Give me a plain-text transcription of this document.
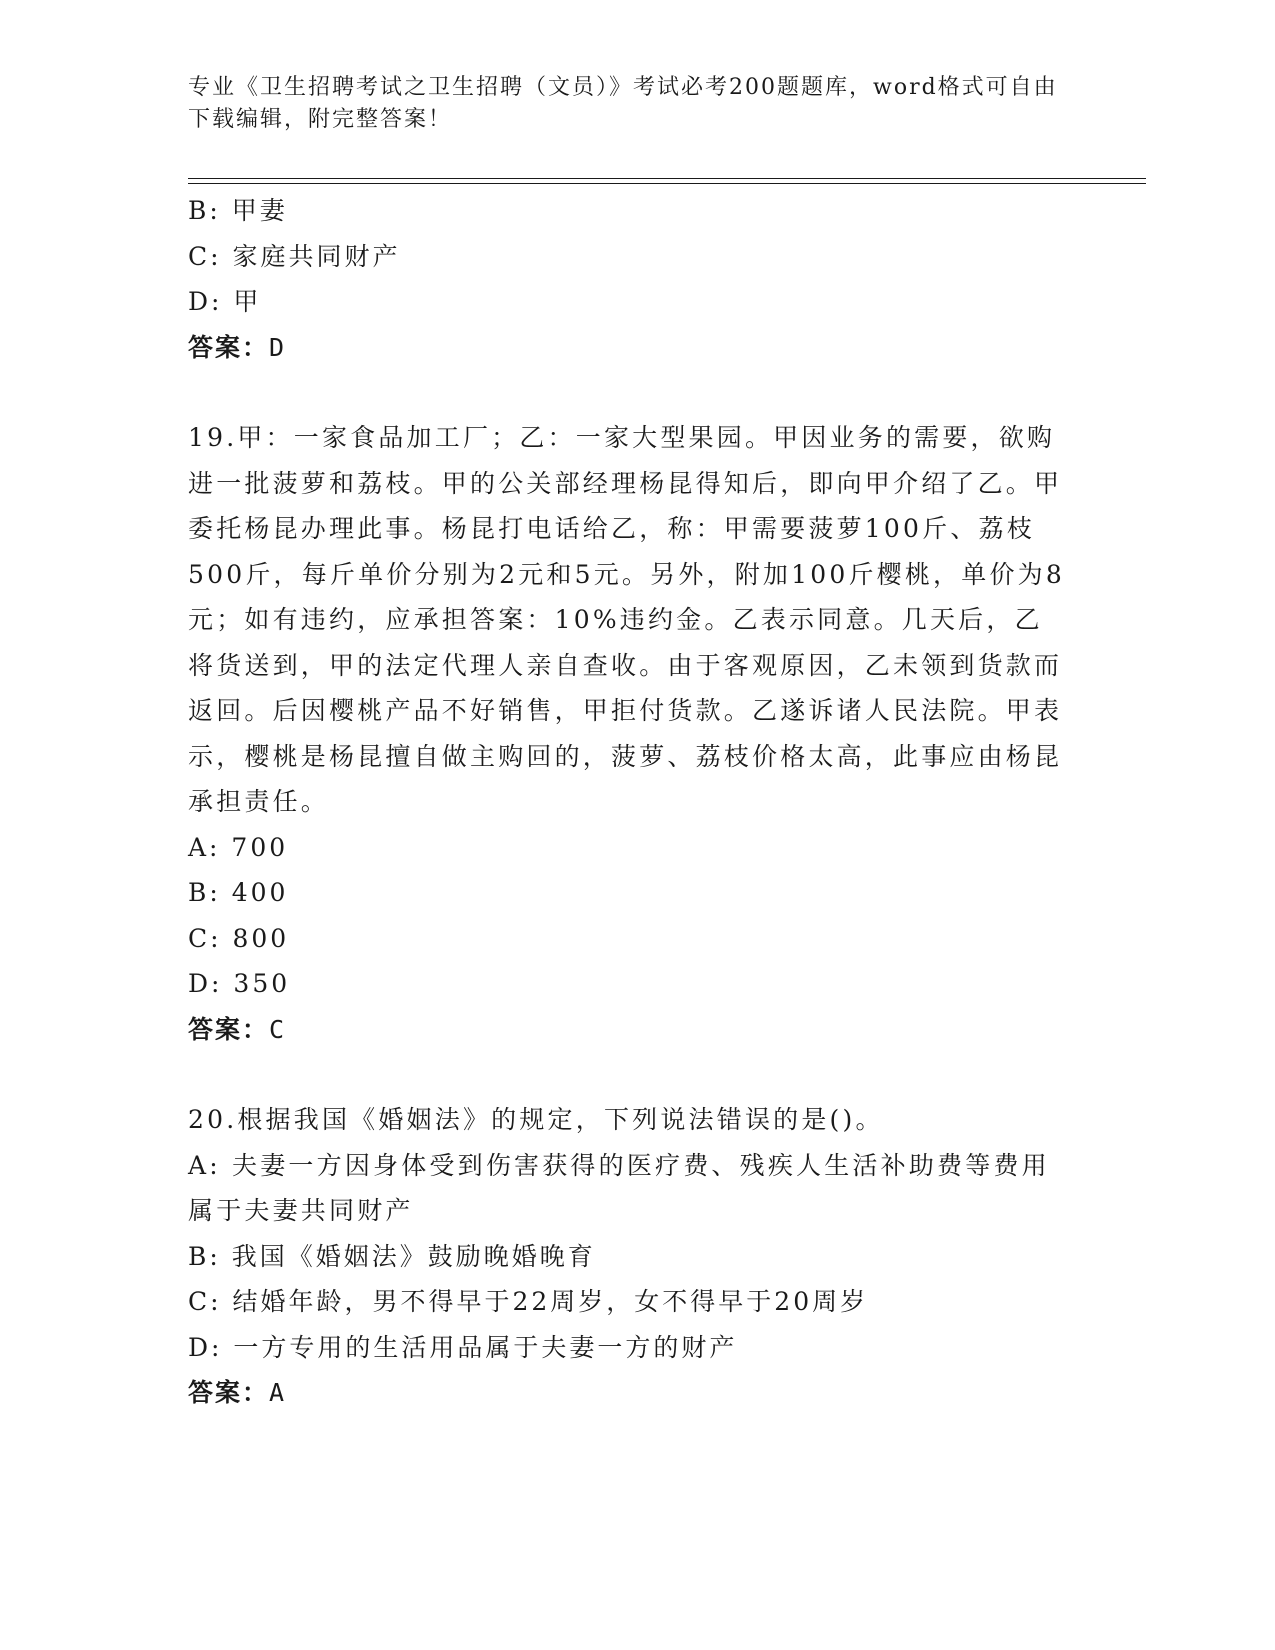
专业《卫生招聘考试之卫生招聘（文员）》考试必考200题题库，word格式可自由下载编辑，附完整答案！

B: 甲妻

C: 家庭共同财产

D: 甲

答案：D

19.甲：一家食品加工厂；乙：一家大型果园。甲因业务的需要，欲购进一批菠萝和荔枝。甲的公关部经理杨昆得知后，即向甲介绍了乙。甲委托杨昆办理此事。杨昆打电话给乙，称：甲需要菠萝100斤、荔枝500斤，每斤单价分别为2元和5元。另外，附加100斤樱桃，单价为8元；如有违约，应承担答案：10%违约金。乙表示同意。几天后，乙将货送到，甲的法定代理人亲自查收。由于客观原因，乙未领到货款而返回。后因樱桃产品不好销售，甲拒付货款。乙遂诉诸人民法院。甲表示，樱桃是杨昆擅自做主购回的，菠萝、荔枝价格太高，此事应由杨昆承担责任。

A: 700

B: 400

C: 800

D: 350

答案：C

20.根据我国《婚姻法》的规定，下列说法错误的是()。

A: 夫妻一方因身体受到伤害获得的医疗费、残疾人生活补助费等费用属于夫妻共同财产

B: 我国《婚姻法》鼓励晚婚晚育

C: 结婚年龄，男不得早于22周岁，女不得早于20周岁

D: 一方专用的生活用品属于夫妻一方的财产

答案：A
